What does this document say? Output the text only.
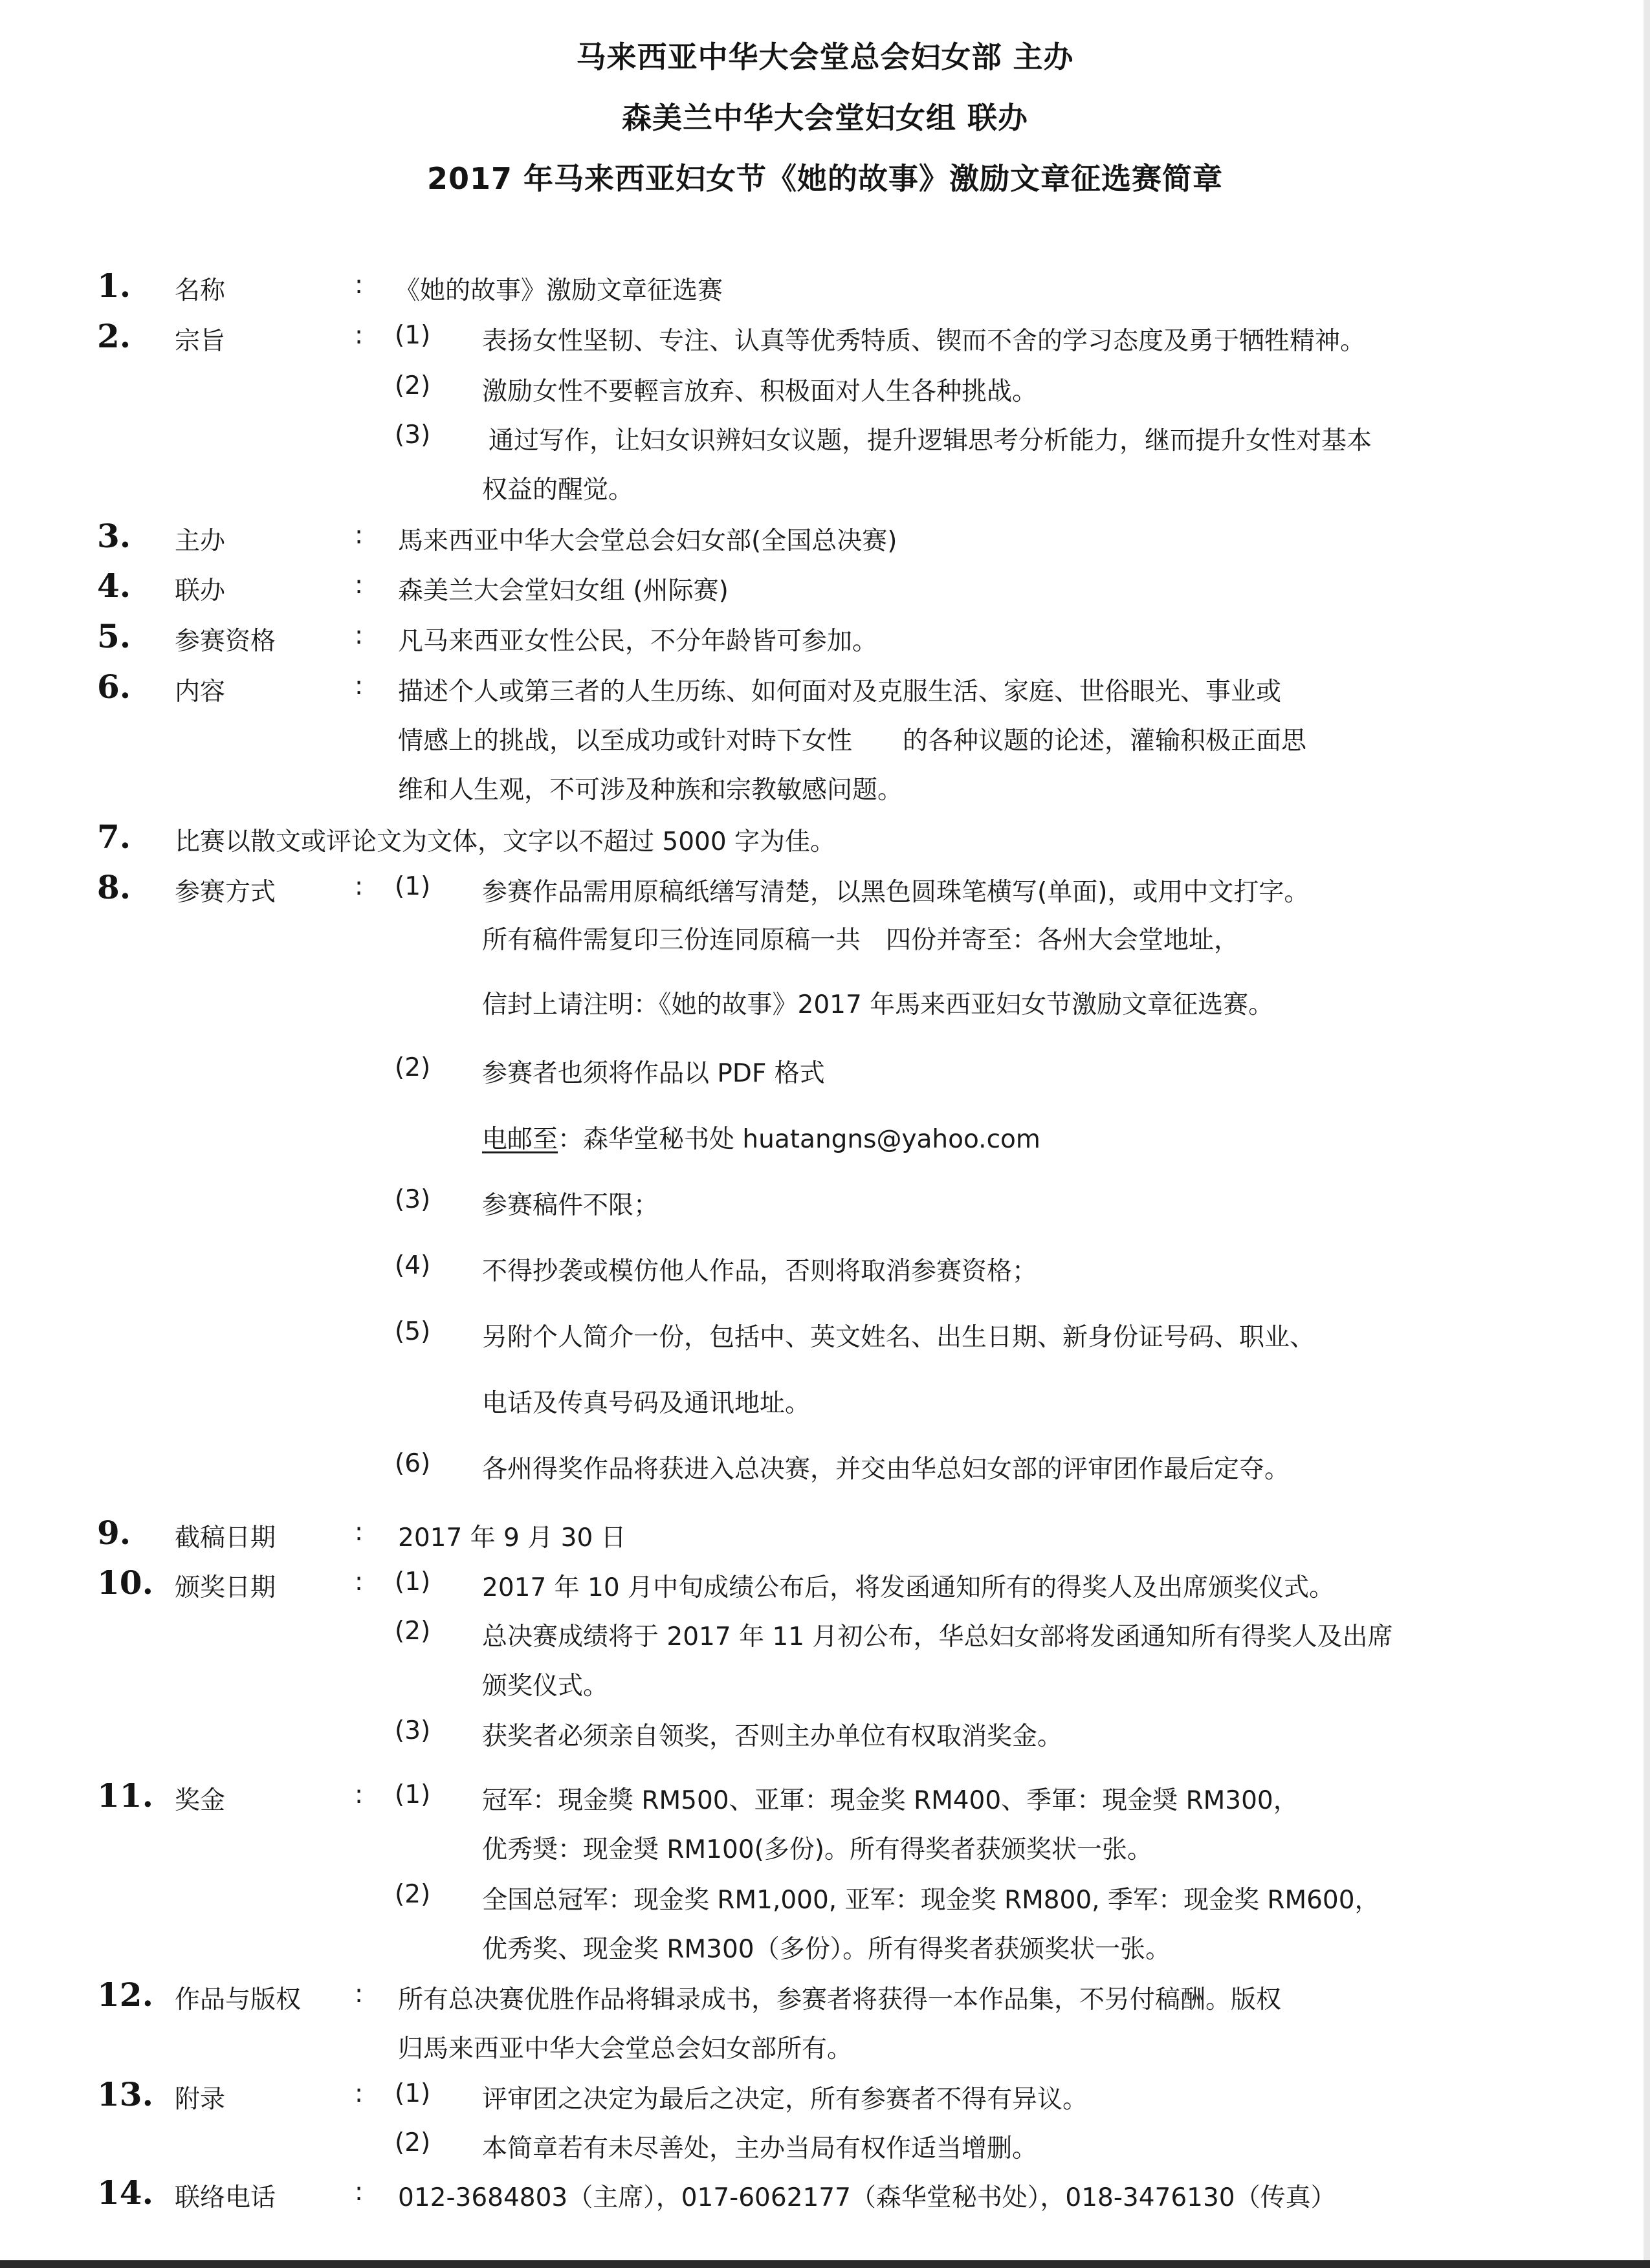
马来西亚中华大会堂总会妇女部 主办
森美兰中华大会堂妇女组 联办
2017 年马来西亚妇女节《她的故事》激励文章征选赛简章
1.	名称	: 《她的故事》激励文章征选赛
2.	宗旨	: (1) 表扬女性坚韧、专注、认真等优秀特质、锲而不舍的学习态度及勇于牺牲精神。
(2) 激励女性不要輕言放弃、积极面对人生各种挑战。
(3) 通过写作，让妇女识辨妇女议题，提升逻辑思考分析能力，继而提升女性对基本
权益的醒觉。
3.	主办	: 馬来西亚中华大会堂总会妇女部(全国总决赛)
4.	联办	: 森美兰大会堂妇女组 (州际赛)
5.	参赛资格	: 凡马来西亚女性公民，不分年龄皆可参加。
6.	内容	: 描述个人或第三者的人生历练、如何面对及克服生活、家庭、世俗眼光、事业或
情感上的挑战，以至成功或针对時下女性　　的各种议题的论述，灌输积极正面思
维和人生观，不可涉及种族和宗教敏感问题。
7.	比赛以散文或评论文为文体，文字以不超过 5000 字为佳。
8.	参赛方式	: (1) 参赛作品需用原稿纸缮写清楚，以黑色圆珠笔横写(单面)，或用中文打字。
所有稿件需复印三份连同原稿一共　四份并寄至：各州大会堂地址，
信封上请注明：《她的故事》2017 年馬来西亚妇女节激励文章征选赛。
(2) 参赛者也须将作品以 PDF 格式
电邮至：森华堂秘书处 huatangns@yahoo.com
(3) 参赛稿件不限；
(4) 不得抄袭或模仿他人作品，否则将取消参赛资格；
(5) 另附个人简介一份，包括中、英文姓名、出生日期、新身份证号码、职业、
电话及传真号码及通讯地址。
(6) 各州得奖作品将获进入总决赛，并交由华总妇女部的评审团作最后定夺。
9.	截稿日期	: 2017 年 9 月 30 日
10. 颁奖日期	: (1) 2017 年 10 月中旬成绩公布后，将发函通知所有的得奖人及出席颁奖仪式。
(2) 总决赛成绩将于 2017 年 11 月初公布，华总妇女部将发函通知所有得奖人及出席
颁奖仪式。
(3) 获奖者必须亲自领奖，否则主办单位有权取消奖金。
11. 奖金	: (1) 冠军：現金獎 RM500、亚軍：現金奖 RM400、季軍：現金奨 RM300，
优秀奨：现金奨 RM100(多份)。所有得奖者获颁奖状一张。
(2) 全国总冠军：现金奖 RM1,000, 亚军：现金奖 RM800, 季军：现金奖 RM600，
优秀奖、现金奖 RM300（多份）。所有得奖者获颁奖状一张。
12. 作品与版权 : 所有总决赛优胜作品将辑录成书，参赛者将获得一本作品集，不另付稿酬。版权
归馬来西亚中华大会堂总会妇女部所有。
13. 附录	: (1) 评审团之决定为最后之决定，所有参赛者不得有异议。
(2) 本简章若有未尽善处，主办当局有权作适当增删。
14. 联络电话	: 012-3684803（主席），017-6062177（森华堂秘书处），018-3476130（传真）
